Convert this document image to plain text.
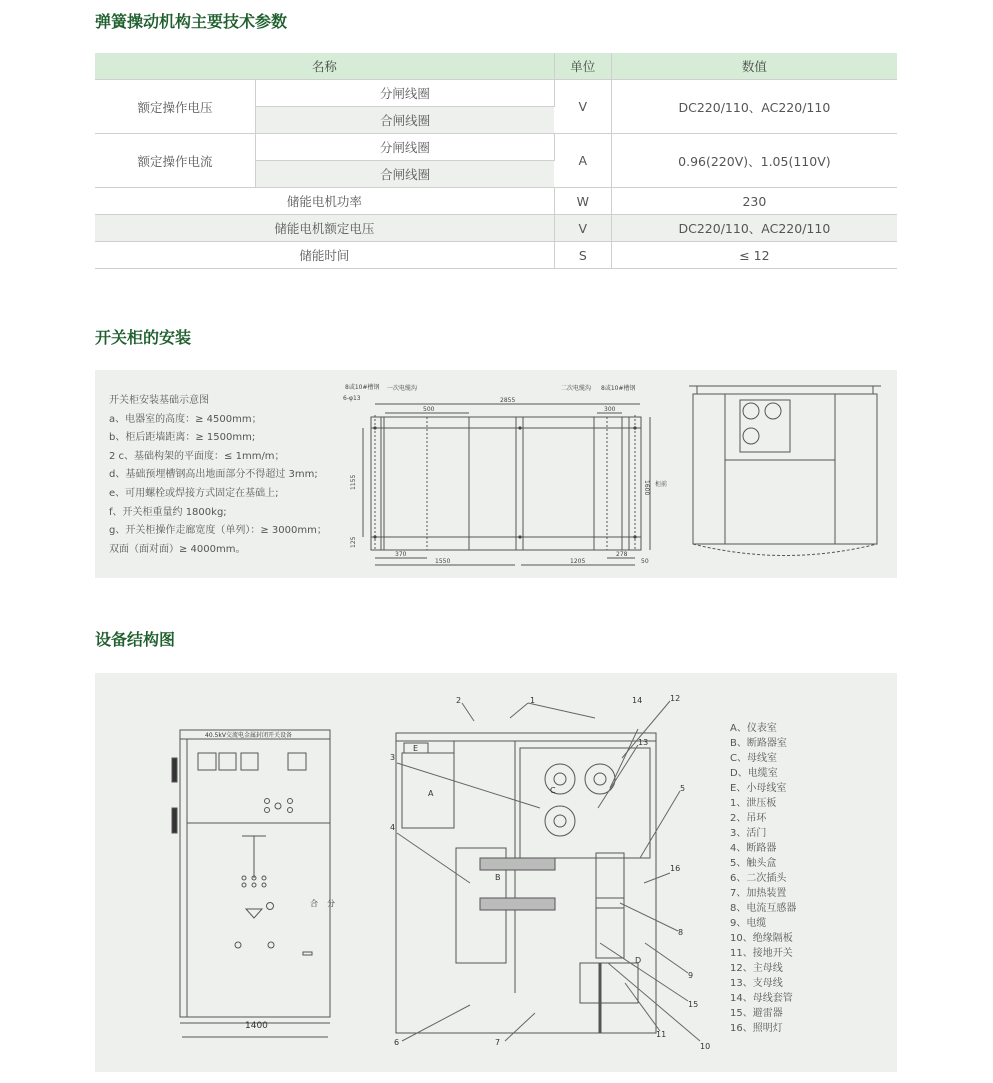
弹簧操动机构主要技术参数
名称		单位	数值
额定操作电压	分闸线圈	V	DC220/110、AC220/110
	合闸线圈		
额定操作电流	分闸线圈	A	0.96(220V)、1.05(110V)
	合闸线圈		
储能电机功率		W	230
储能电机额定电压		V	DC220/110、AC220/110
储能时间		S	≤ 12
开关柜的安装
开关柜安装基础示意图
a、电器室的高度：≥ 4500mm；
b、柜后距墙距离：≥ 1500mm;
2 c、基础构架的平面度：≤ 1mm/m；
d、基础预埋槽钢高出地面部分不得超过 3mm;
e、可用螺栓或焊接方式固定在基础上;
f、开关柜重量约 1800kg;
g、开关柜操作走廊宽度（单列）：≥ 3000mm；
双面（面对面）≥ 4000mm。
8或10#槽钢 一次电缆沟	二次电缆沟 8或10#槽钢
6-φ13	2855
500	300
1155
125
1600 柜前
370
1550	1205
278
50
设备结构图
40.5kV交流电金属封闭开关设备
合 分
1400
A
B
C
D
E
1
2
3
4
5
6	7
8
9
10
11
12
13
14
15
16
A、仪表室
B、断路器室
C、母线室
D、电缆室
E、小母线室
1、泄压板
2、吊环
3、活门
4、断路器
5、触头盒
6、二次插头
7、加热装置
8、电流互感器
9、电缆
10、绝缘隔板
11、接地开关
12、主母线
13、支母线
14、母线套管
15、避雷器
16、照明灯
